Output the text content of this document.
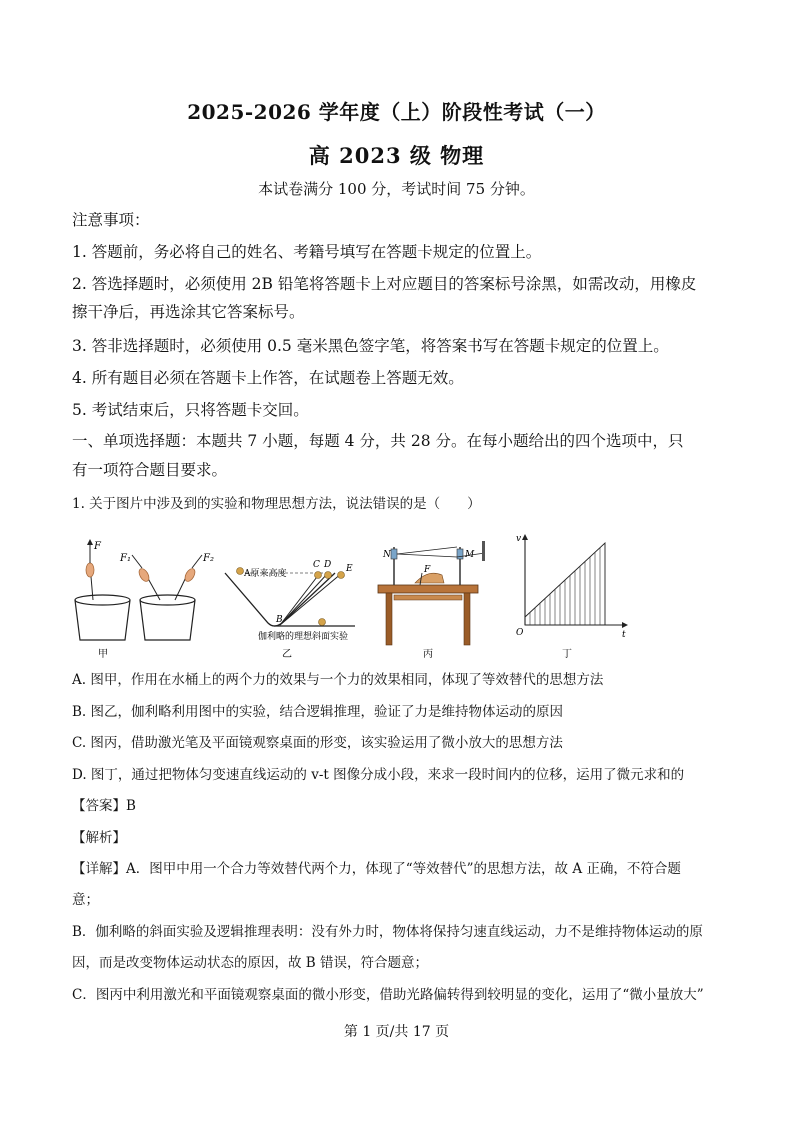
2025-2026 学年度（上）阶段性考试（一）
高 2023 级 物理
本试卷满分 100 分，考试时间 75 分钟。
注意事项：
1. 答题前，务必将自己的姓名、考籍号填写在答题卡规定的位置上。
2. 答选择题时，必须使用 2B 铅笔将答题卡上对应题目的答案标号涂黑，如需改动，用橡皮
擦干净后，再选涂其它答案标号。
3. 答非选择题时，必须使用 0.5 毫米黑色签字笔，将答案书写在答题卡规定的位置上。
4. 所有题目必须在答题卡上作答，在试题卷上答题无效。
5. 考试结束后，只将答题卡交回。
一、单项选择题：本题共 7 小题，每题 4 分，共 28 分。在每小题给出的四个选项中，只
有一项符合题目要求。
1. 关于图片中涉及到的实验和物理思想方法，说法错误的是（　　）
F
F₁	F₂
甲
A原来高度
B
C D E
伽利略的理想斜面实验
乙
N	M
F
丙
v
O	t
丁
A. 图甲，作用在水桶上的两个力的效果与一个力的效果相同，体现了等效替代的思想方法
B. 图乙，伽利略利用图中的实验，结合逻辑推理，验证了力是维持物体运动的原因
C. 图丙，借助激光笔及平面镜观察桌面的形变，该实验运用了微小放大的思想方法
D. 图丁，通过把物体匀变速直线运动的 v-t 图像分成小段，来求一段时间内的位移，运用了微元求和的
【答案】B
【解析】
【详解】A．图甲中用一个合力等效替代两个力，体现了“等效替代”的思想方法，故 A 正确，不符合题
意；
B．伽利略的斜面实验及逻辑推理表明：没有外力时，物体将保持匀速直线运动，力不是维持物体运动的原
因，而是改变物体运动状态的原因，故 B 错误，符合题意；
C．图丙中利用激光和平面镜观察桌面的微小形变，借助光路偏转得到较明显的变化，运用了“微小量放大”
第 1 页/共 17 页
